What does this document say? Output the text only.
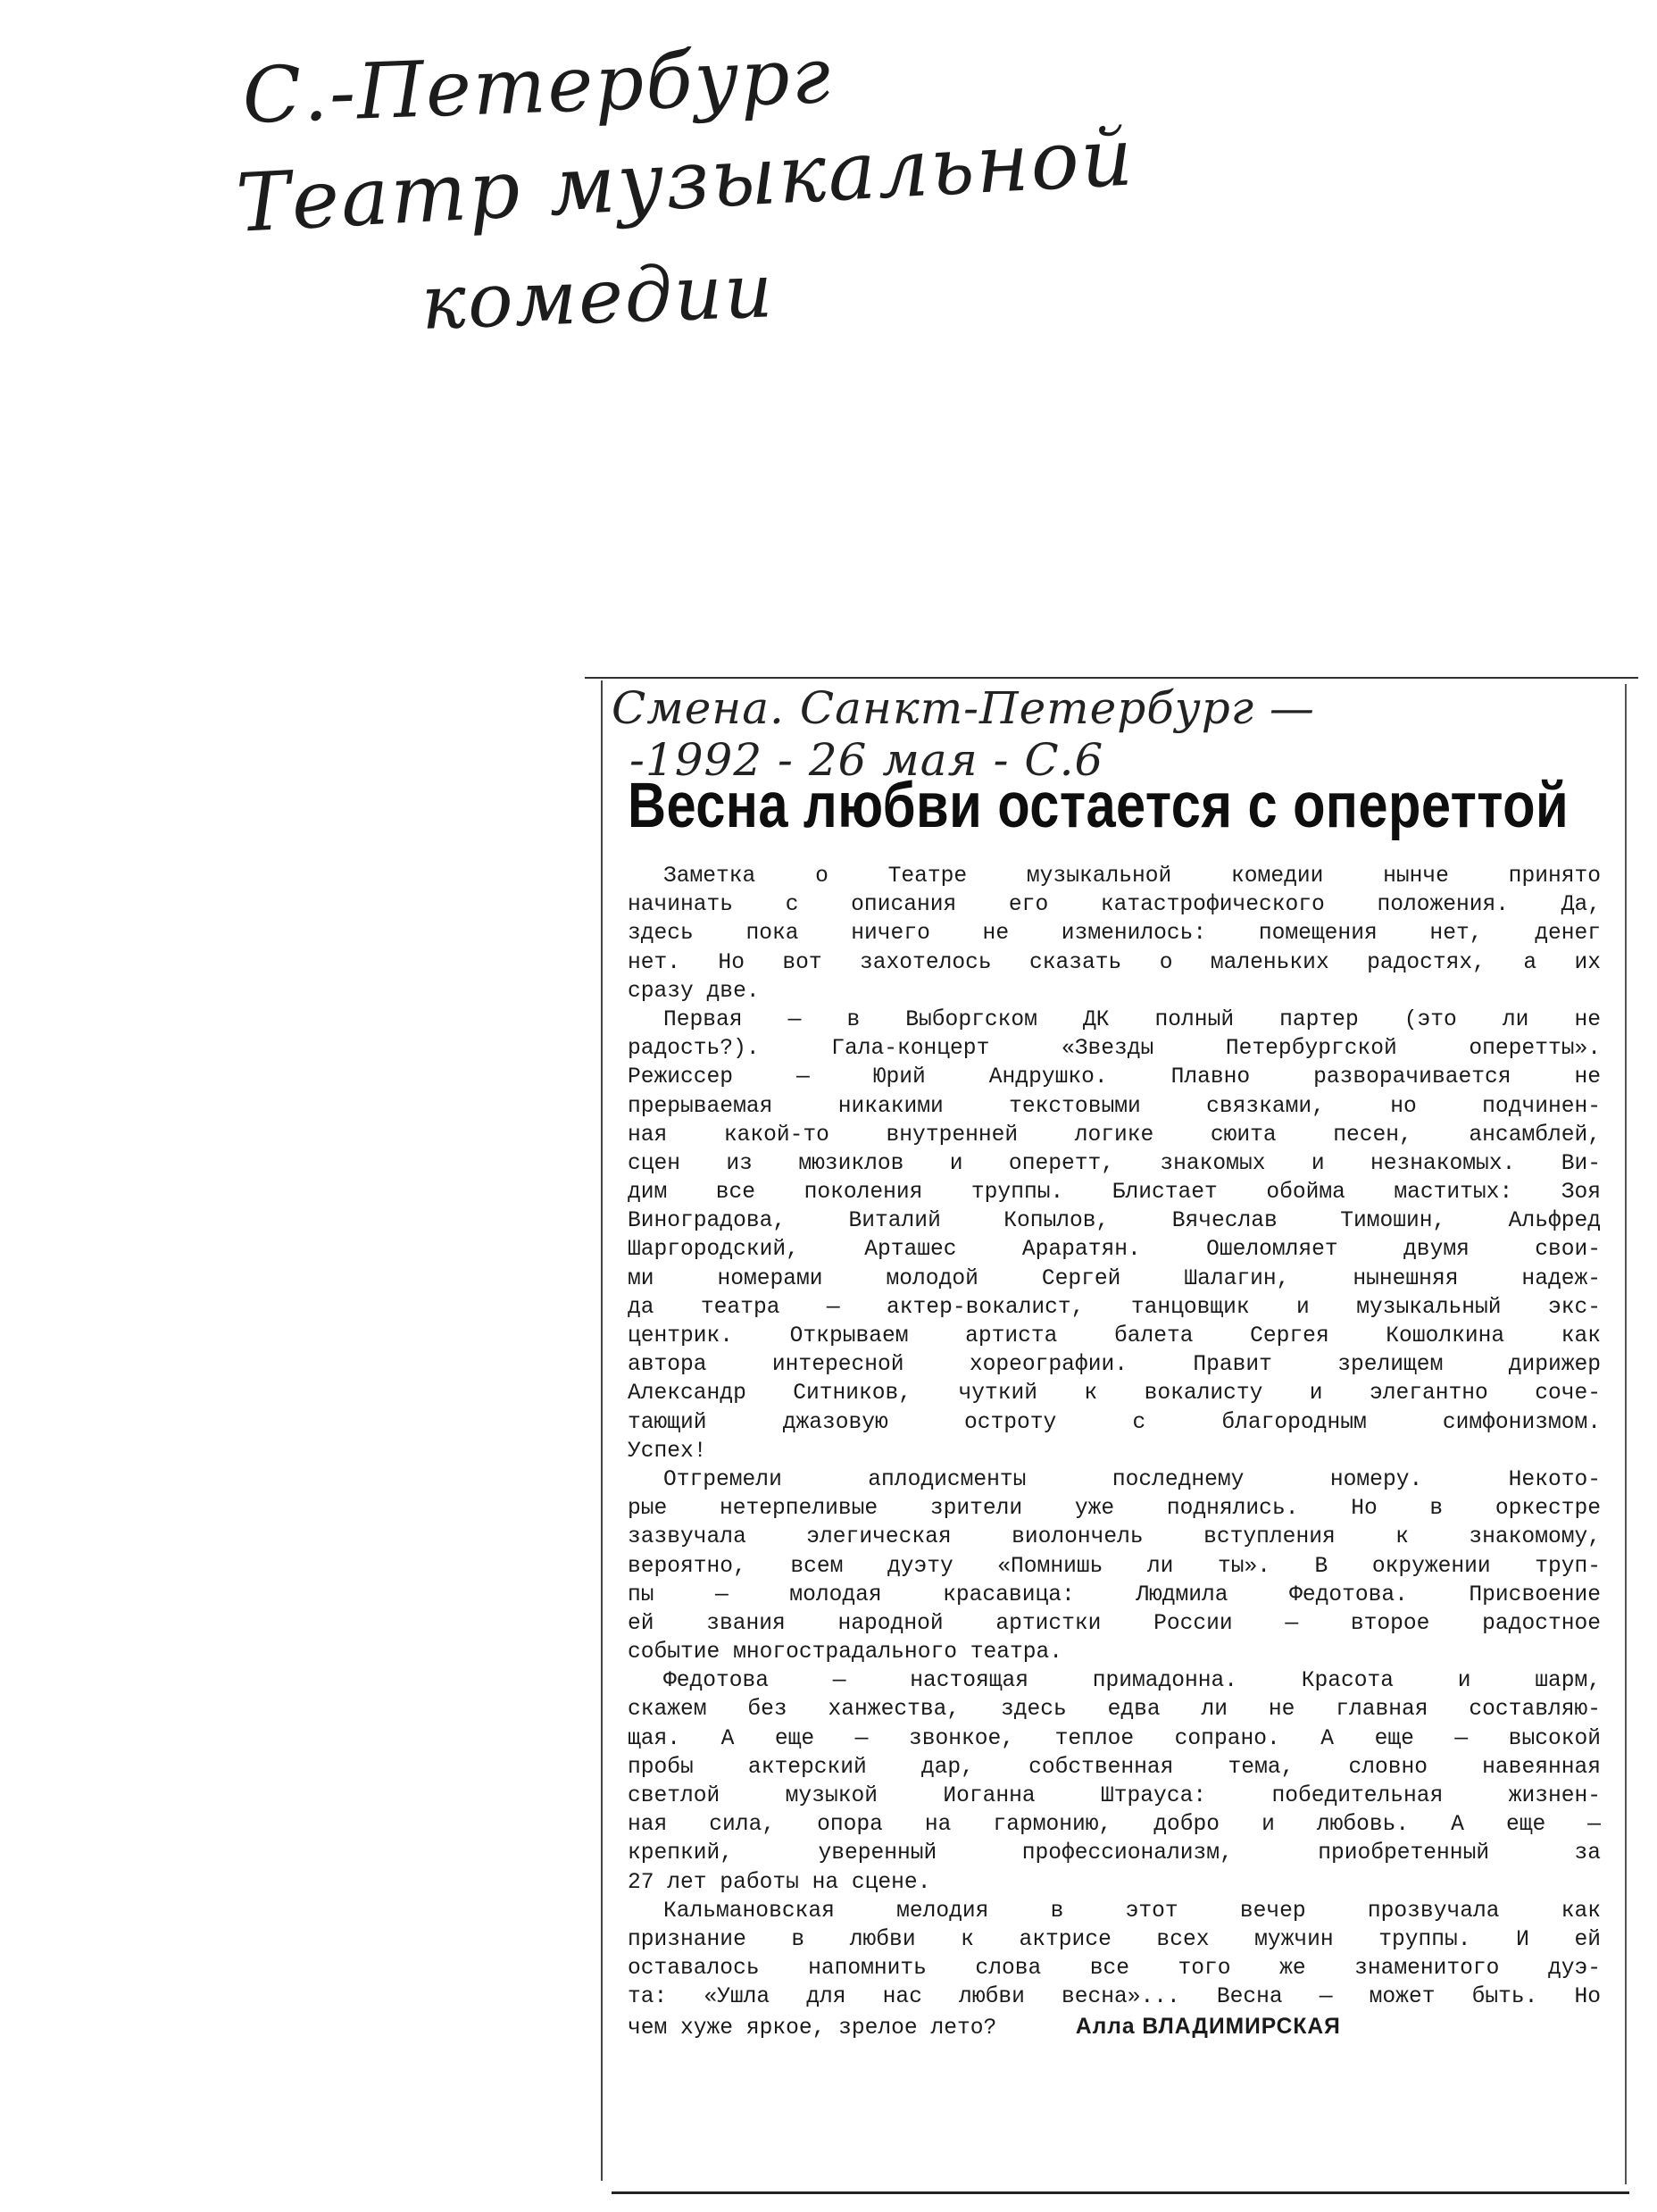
С.-Петербург
Театр музыкальной
комедии
Смена. Санкт-Петербург —
-1992 - 26 мая - С.6
Весна любви остается с опереттой
Заметка о Театре музыкальной комедии нынче принято
начинать с описания его катастрофического положения. Да,
здесь пока ничего не изменилось: помещения нет, денег
нет. Но вот захотелось сказать о маленьких радостях, а их
сразу две.
Первая — в Выборгском ДК полный партер (это ли не
радость?). Гала-концерт «Звезды Петербургской оперетты».
Режиссер — Юрий Андрушко. Плавно разворачивается не
прерываемая никакими текстовыми связками, но подчинен-
ная какой-то внутренней логике сюита песен, ансамблей,
сцен из мюзиклов и оперетт, знакомых и незнакомых. Ви-
дим все поколения труппы. Блистает обойма маститых: Зоя
Виноградова, Виталий Копылов, Вячеслав Тимошин, Альфред
Шаргородский, Арташес Араратян. Ошеломляет двумя свои-
ми номерами молодой Сергей Шалагин, нынешняя надеж-
да театра — актер-вокалист, танцовщик и музыкальный экс-
центрик. Открываем артиста балета Сергея Кошолкина как
автора интересной хореографии. Правит зрелищем дирижер
Александр Ситников, чуткий к вокалисту и элегантно соче-
тающий джазовую остроту с благородным симфонизмом.
Успех!
Отгремели аплодисменты последнему номеру. Некото-
рые нетерпеливые зрители уже поднялись. Но в оркестре
зазвучала элегическая виолончель вступления к знакомому,
вероятно, всем дуэту «Помнишь ли ты». В окружении труп-
пы — молодая красавица: Людмила Федотова. Присвоение
ей звания народной артистки России — второе радостное
событие многострадального театра.
Федотова — настоящая примадонна. Красота и шарм,
скажем без ханжества, здесь едва ли не главная составляю-
щая. А еще — звонкое, теплое сопрано. А еще — высокой
пробы актерский дар, собственная тема, словно навеянная
светлой музыкой Иоганна Штрауса: победительная жизнен-
ная сила, опора на гармонию, добро и любовь. А еще —
крепкий, уверенный профессионализм, приобретенный за
27 лет работы на сцене.
Кальмановская мелодия в этот вечер прозвучала как
признание в любви к актрисе всех мужчин труппы. И ей
оставалось напомнить слова все того же знаменитого дуэ-
та: «Ушла для нас любви весна»... Весна — может быть. Но
чем хуже яркое, зрелое лето?	Алла ВЛАДИМИРСКАЯ
